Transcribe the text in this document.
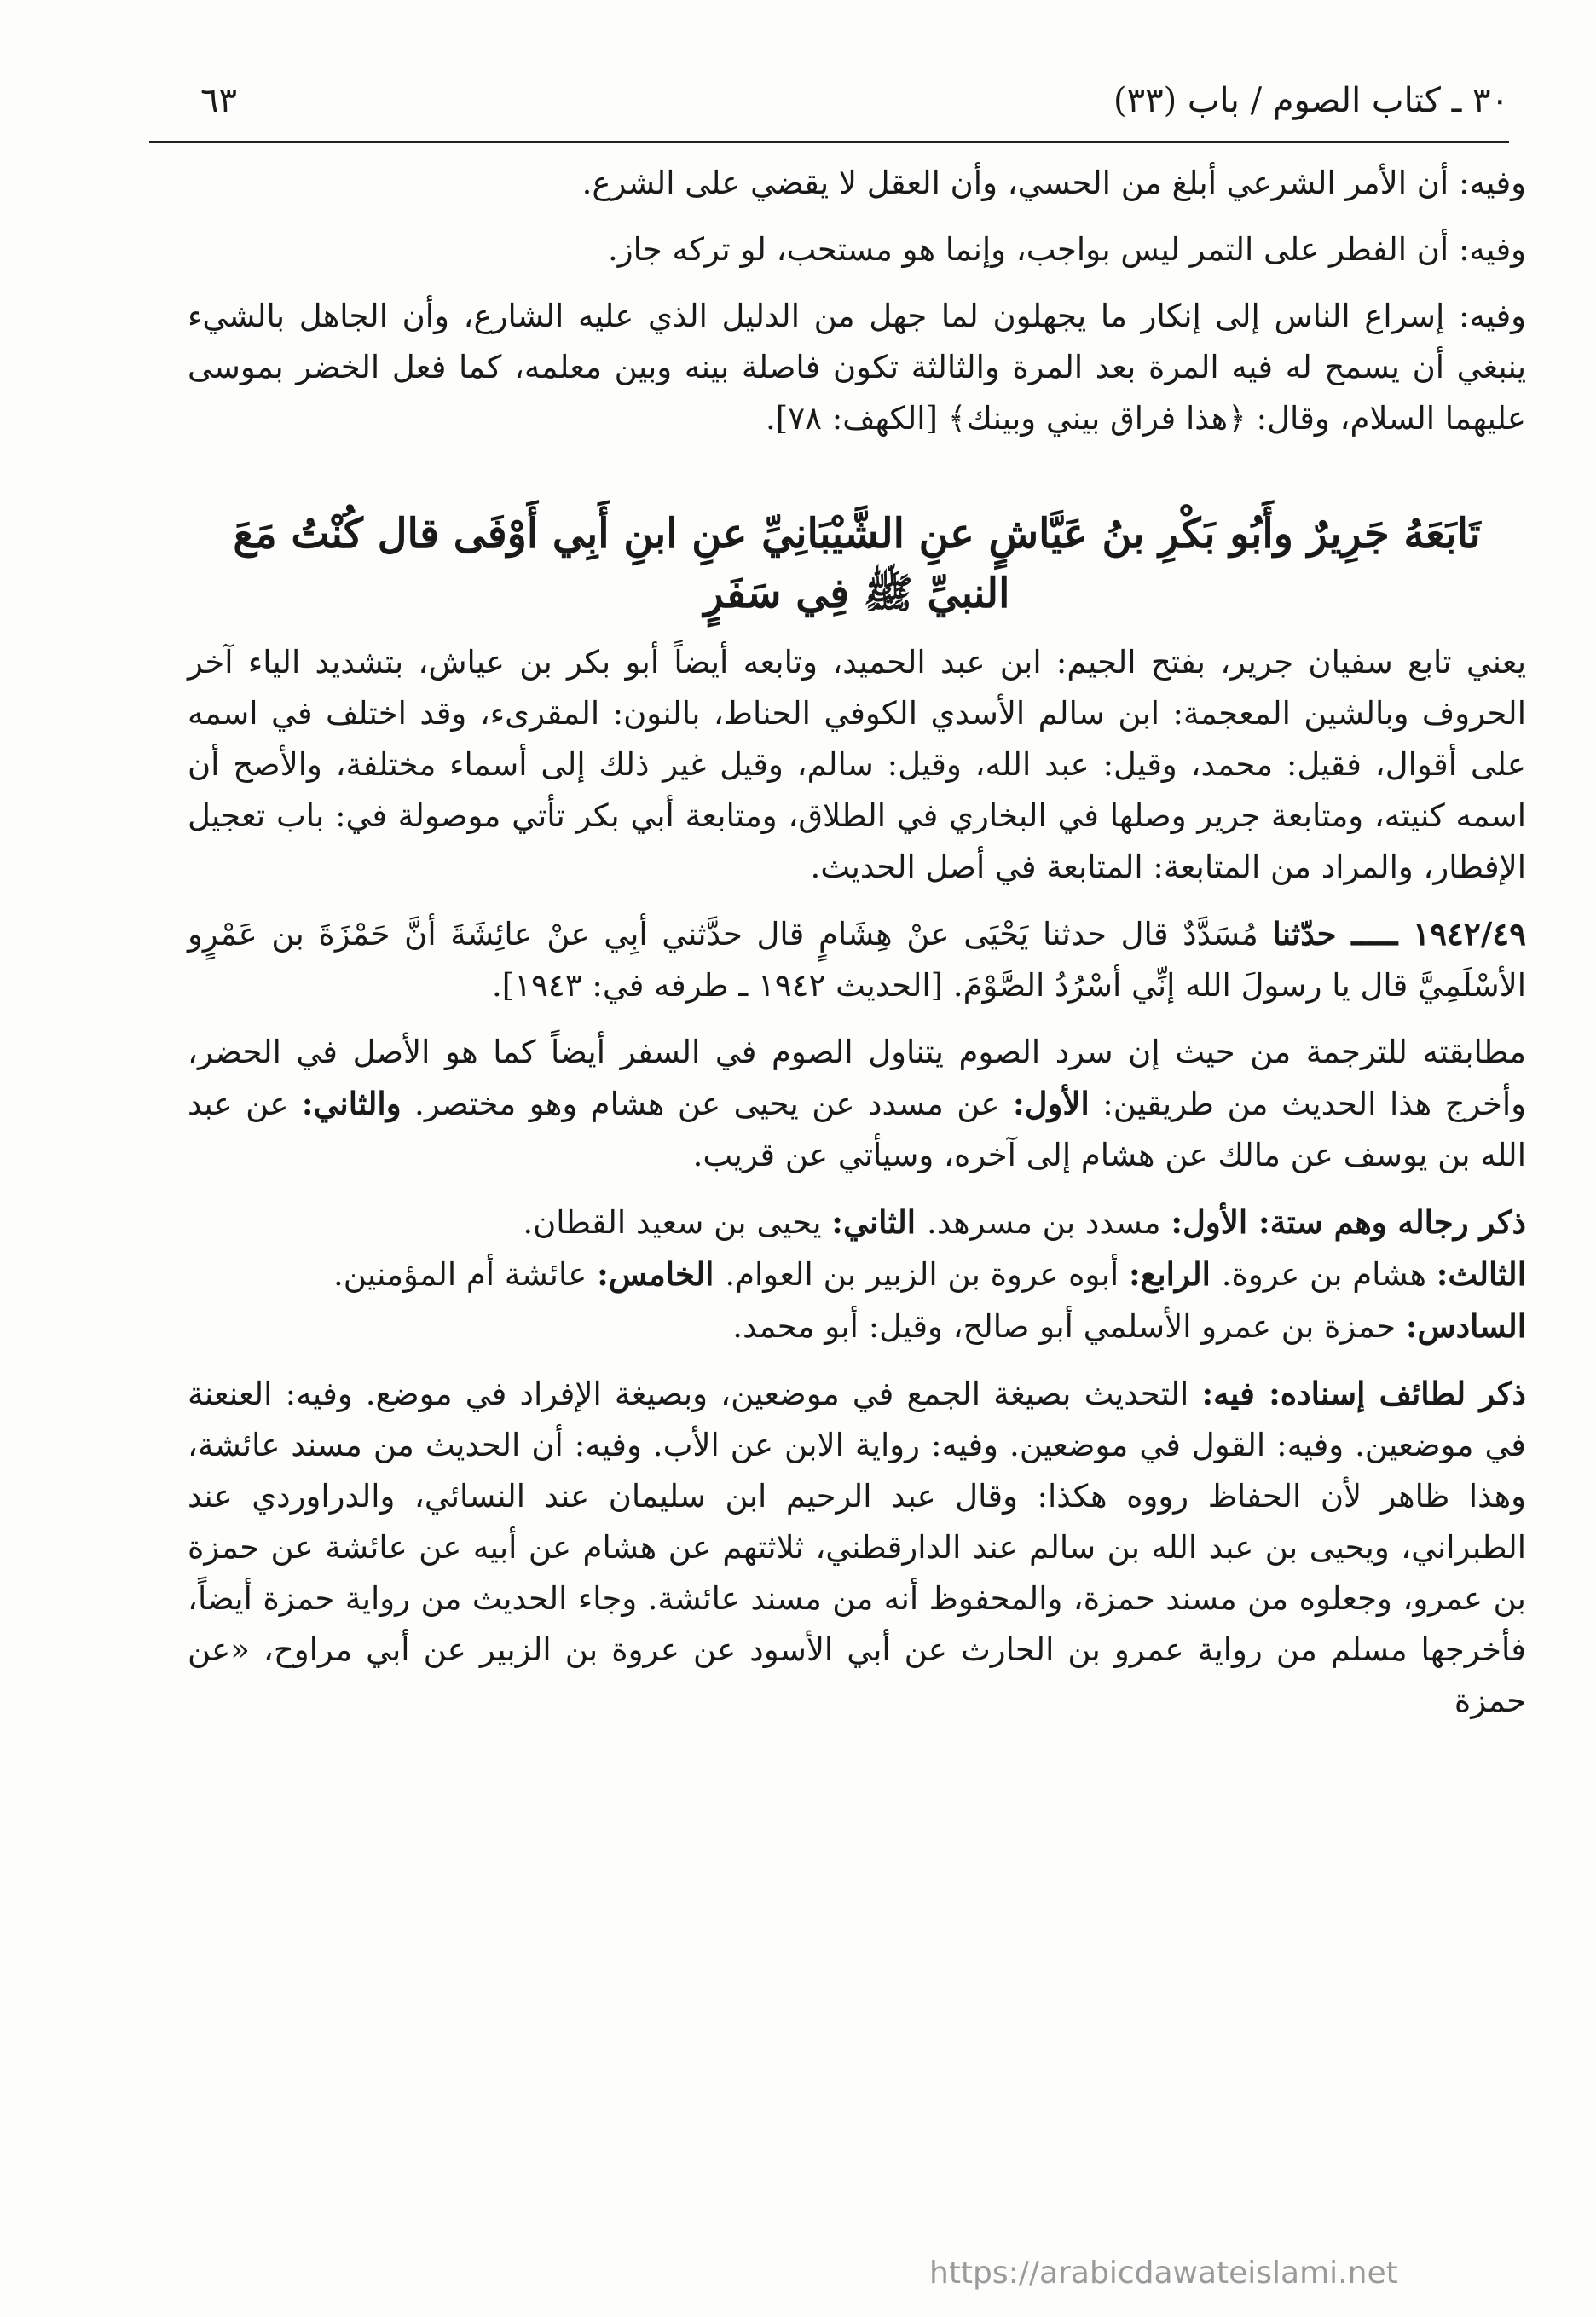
٣٠ ـ كتاب الصوم / باب (٣٣)
٦٣

وفيه: أن الأمر الشرعي أبلغ من الحسي، وأن العقل لا يقضي على الشرع.

وفيه: أن الفطر على التمر ليس بواجب، وإنما هو مستحب، لو تركه جاز.

وفيه: إسراع الناس إلى إنكار ما يجهلون لما جهل من الدليل الذي عليه الشارع، وأن الجاهل بالشيء ينبغي أن يسمح له فيه المرة بعد المرة والثالثة تكون فاصلة بينه وبين معلمه، كما فعل الخضر بموسى عليهما السلام، وقال: ﴿هذا فراق بيني وبينك﴾ [الكهف: ٧٨].

تَابَعَهُ جَرِيرٌ وأَبُو بَكْرِ بنُ عَيَّاشٍ عنِ الشَّيْبَانِيِّ عنِ ابنِ أَبِي أَوْفَى قال كُنْتُ مَعَ النبيِّ ﷺ فِي سَفَرٍ

يعني تابع سفيان جرير، بفتح الجيم: ابن عبد الحميد، وتابعه أيضاً أبو بكر بن عياش، بتشديد الياء آخر الحروف وبالشين المعجمة: ابن سالم الأسدي الكوفي الحناط، بالنون: المقرىء، وقد اختلف في اسمه على أقوال، فقيل: محمد، وقيل: عبد الله، وقيل: سالم، وقيل غير ذلك إلى أسماء مختلفة، والأصح أن اسمه كنيته، ومتابعة جرير وصلها في البخاري في الطلاق، ومتابعة أبي بكر تأتي موصولة في: باب تعجيل الإفطار، والمراد من المتابعة: المتابعة في أصل الحديث.

١٩٤٢/٤٩ ـــــ حدّثنا مُسَدَّدٌ قال حدثنا يَحْيَى عنْ هِشَامٍ قال حدَّثني أبِي عنْ عائِشَةَ أنَّ حَمْزَةَ بن عَمْرٍو الأسْلَمِيَّ قال يا رسولَ الله إنِّي أسْرُدُ الصَّوْمَ. [الحديث ١٩٤٢ ـ طرفه في: ١٩٤٣].

مطابقته للترجمة من حيث إن سرد الصوم يتناول الصوم في السفر أيضاً كما هو الأصل في الحضر، وأخرج هذا الحديث من طريقين: الأول: عن مسدد عن يحيى عن هشام وهو مختصر. والثاني: عن عبد الله بن يوسف عن مالك عن هشام إلى آخره، وسيأتي عن قريب.

ذكر رجاله وهم ستة: الأول: مسدد بن مسرهد. الثاني: يحيى بن سعيد القطان.
الثالث: هشام بن عروة. الرابع: أبوه عروة بن الزبير بن العوام. الخامس: عائشة أم المؤمنين.
السادس: حمزة بن عمرو الأسلمي أبو صالح، وقيل: أبو محمد.

ذكر لطائف إسناده: فيه: التحديث بصيغة الجمع في موضعين، وبصيغة الإفراد في موضع. وفيه: العنعنة في موضعين. وفيه: القول في موضعين. وفيه: رواية الابن عن الأب. وفيه: أن الحديث من مسند عائشة، وهذا ظاهر لأن الحفاظ رووه هكذا: وقال عبد الرحيم ابن سليمان عند النسائي، والدراوردي عند الطبراني، ويحيى بن عبد الله بن سالم عند الدارقطني، ثلاثتهم عن هشام عن أبيه عن عائشة عن حمزة بن عمرو، وجعلوه من مسند حمزة، والمحفوظ أنه من مسند عائشة. وجاء الحديث من رواية حمزة أيضاً، فأخرجها مسلم من رواية عمرو بن الحارث عن أبي الأسود عن عروة بن الزبير عن أبي مراوح، «عن حمزة

https://arabicdawateislami.net
